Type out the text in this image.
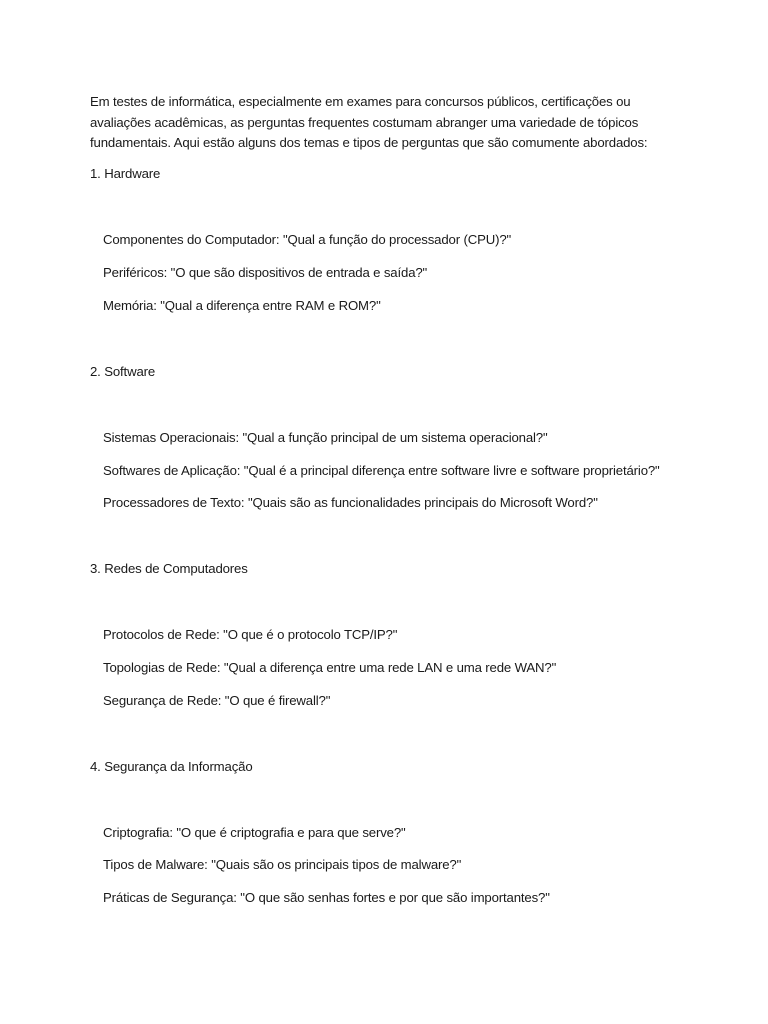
Em testes de informática, especialmente em exames para concursos públicos, certificações ou avaliações acadêmicas, as perguntas frequentes costumam abranger uma variedade de tópicos fundamentais. Aqui estão alguns dos temas e tipos de perguntas que são comumente abordados:

1. Hardware

Componentes do Computador: "Qual a função do processador (CPU)?"

Periféricos: "O que são dispositivos de entrada e saída?"

Memória: "Qual a diferença entre RAM e ROM?"

2. Software

Sistemas Operacionais: "Qual a função principal de um sistema operacional?"

Softwares de Aplicação: "Qual é a principal diferença entre software livre e software proprietário?"

Processadores de Texto: "Quais são as funcionalidades principais do Microsoft Word?"

3. Redes de Computadores

Protocolos de Rede: "O que é o protocolo TCP/IP?"

Topologias de Rede: "Qual a diferença entre uma rede LAN e uma rede WAN?"

Segurança de Rede: "O que é firewall?"

4. Segurança da Informação

Criptografia: "O que é criptografia e para que serve?"

Tipos de Malware: "Quais são os principais tipos de malware?"

Práticas de Segurança: "O que são senhas fortes e por que são importantes?"
